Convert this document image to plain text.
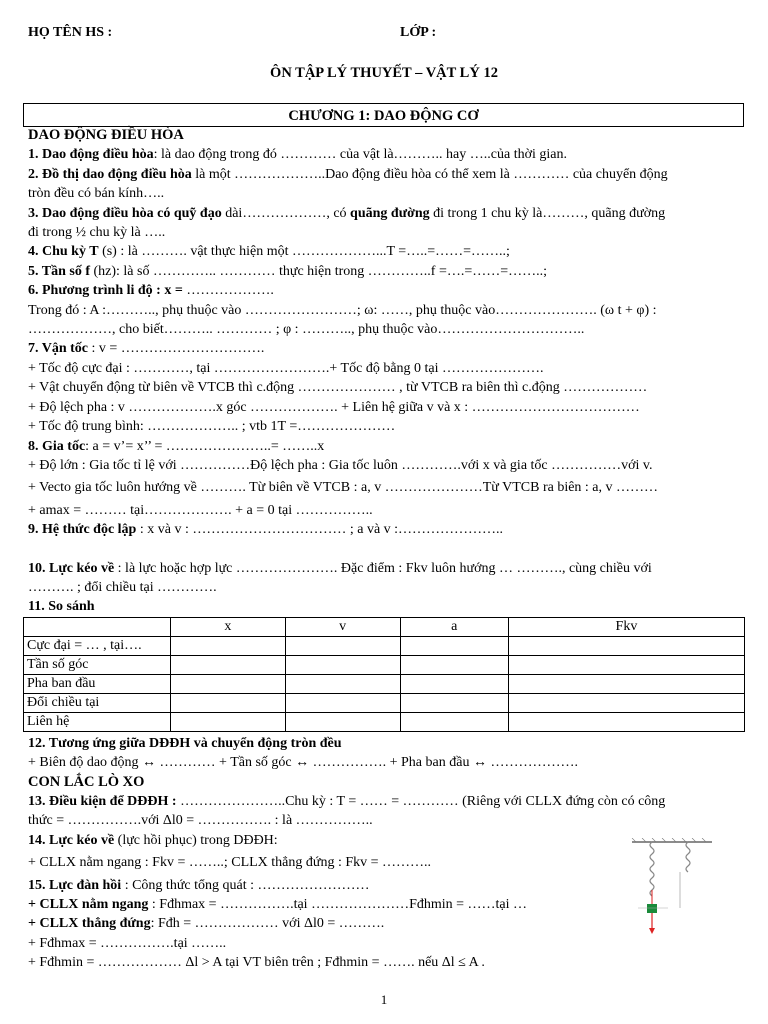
HỌ TÊN HS :	LỚP :
ÔN TẬP LÝ THUYẾT – VẬT LÝ 12
CHƯƠNG 1: DAO ĐỘNG CƠ
DAO ĐỘNG ĐIỀU HÒA
1. Dao động điều hòa: là dao động trong đó ………… của vật là……….. hay …..của thời gian.
2. Đồ thị dao động điều hòa là một ………………..Dao động điều hòa có thể xem là ………… của chuyển động
tròn đều có bán kính…..
3. Dao động điều hòa có quỹ đạo dài………………, có quãng đường đi trong 1 chu kỳ là………, quãng đường
đi trong ½ chu kỳ là …..
4. Chu kỳ T (s) : là ………. vật thực hiện một ………………...T =…..=……=……..;
5. Tần số f (hz): là số ………….. ………… thực hiện trong …………..f =….=……=……..;
6. Phương trình li độ : x = ……………….
Trong đó : A :……….., phụ thuộc vào ……………………; ω: ……, phụ thuộc vào…………………. (ω t + φ) :
………………, cho biết……….. ………… ; φ : ……….., phụ thuộc vào…………………………..
7. Vận tốc : v = ………………………….
+ Tốc độ cực đại : …………, tại …………………….+ Tốc độ bằng 0 tại ………………….
+ Vật chuyển động từ biên về VTCB thì c.động ………………… , từ VTCB ra biên thì c.động ………………
+ Độ lệch pha : v ……………….x góc ………………. + Liên hệ giữa v và x : ………………………………
+ Tốc độ trung bình: ……………….. ; vtb 1T =…………………
8. Gia tốc: a = v’= x’’ = …………………..= ……..x
+ Độ lớn : Gia tốc tỉ lệ với ……………Độ lệch pha : Gia tốc luôn ………….với x và gia tốc ……………với v.
+ Vecto gia tốc luôn hướng về ………. Từ biên về VTCB : a, v …………………Từ VTCB ra biên : a, v ………
+ amax = ……… tại………………. + a = 0 tại ……………..
9. Hệ thức độc lập : x và v : …………………………… ; a và v :…………………..
10. Lực kéo về : là lực hoặc hợp lực …………………. Đặc điểm : Fkv luôn hướng … ………., cùng chiều với
………. ; đổi chiều tại ………….
11. So sánh
	x	v	a	Fkv
Cực đại = … , tại….				
Tần số góc				
Pha ban đầu				
Đổi chiều tại				
Liên hệ				
12. Tương ứng giữa DĐĐH và chuyển động tròn đều
+ Biên độ dao động ↔ ………… + Tần số góc ↔ ……………. + Pha ban đầu ↔ ……………….
CON LẮC LÒ XO
13. Điều kiện để DĐĐH : …………………..Chu kỳ : T = …… = ………… (Riêng với CLLX đứng còn có công
thức = …………….với Δl0 = ……………. : là ……………..
14. Lực kéo về (lực hồi phục) trong DĐĐH:
+ CLLX nằm ngang : Fkv = ……..; CLLX thẳng đứng : Fkv = ………..
15. Lực đàn hồi : Công thức tổng quát : ……………………
+ CLLX nằm ngang : Fđhmax = …………….tại …………………Fđhmin = ……tại …
+ CLLX thẳng đứng: Fđh = ……………… với Δl0 = ……….
+ Fđhmax = …………….tại ……..
+ Fđhmin = ……………… Δl > A tại VT biên trên ; Fđhmin = ……. nếu Δl ≤ A .
1
